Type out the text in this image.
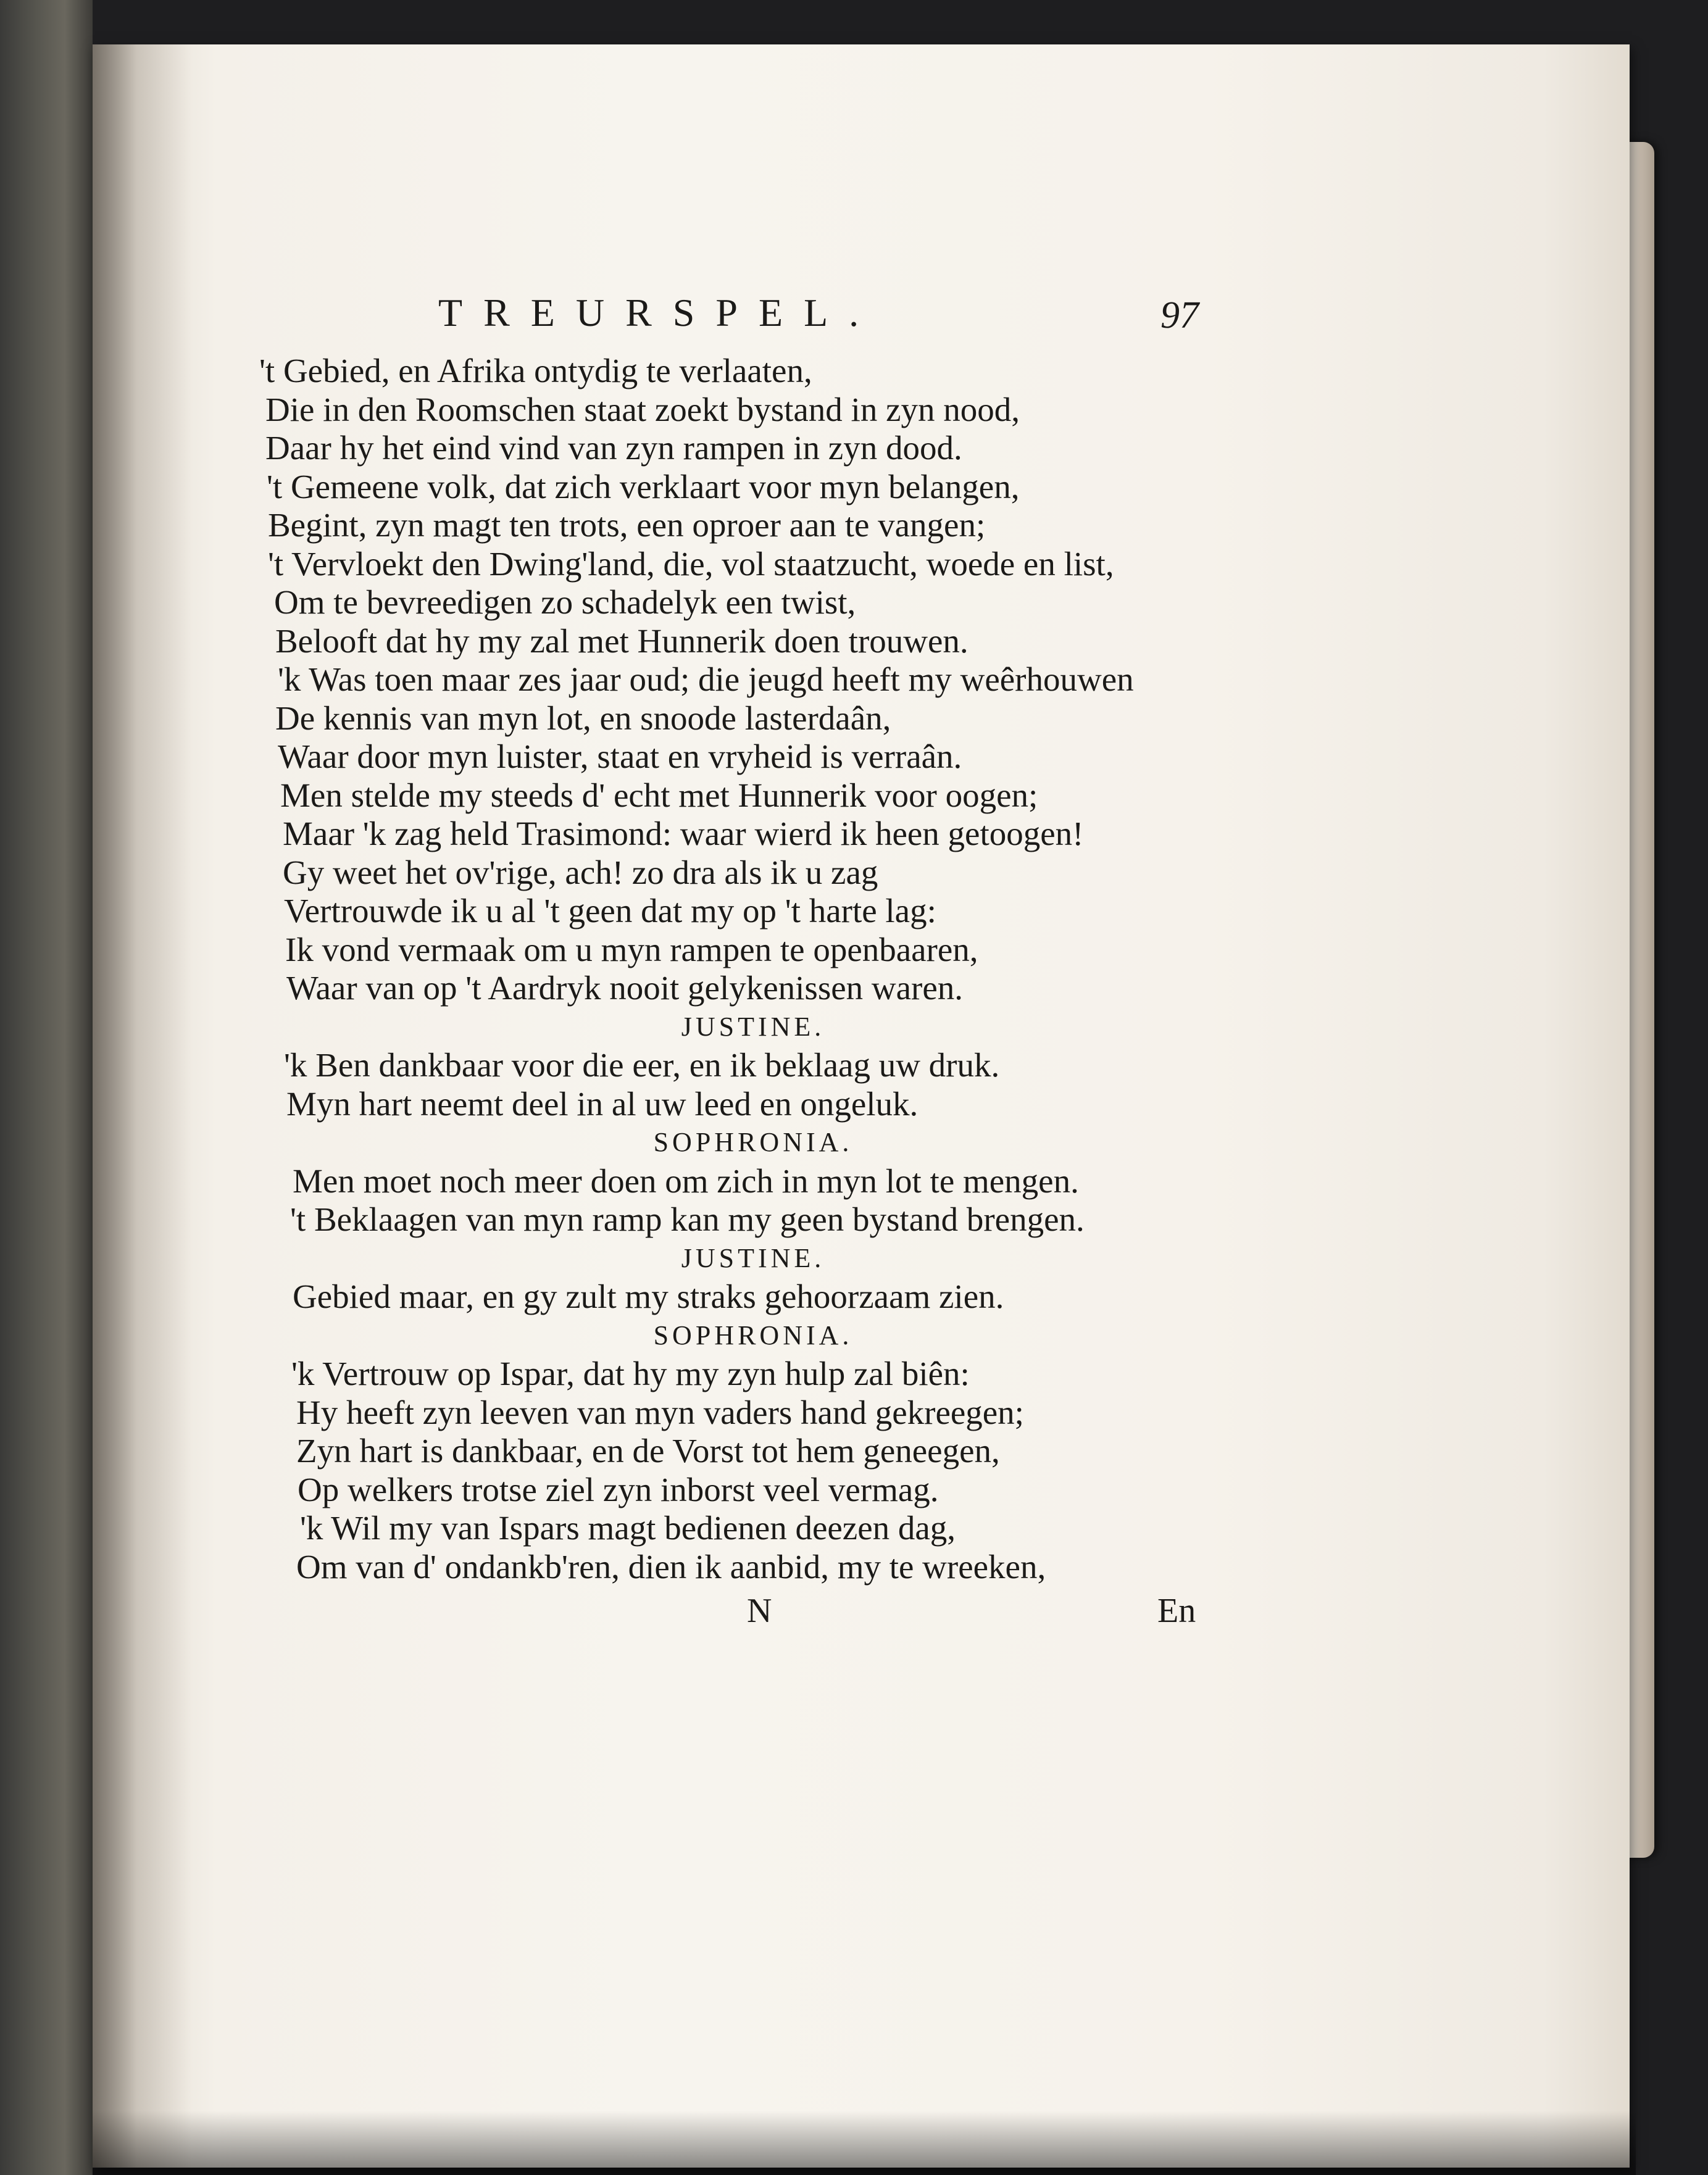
TREURSPEL.	97
't Gebied, en Afrika ontydig te verlaaten,
Die in den Roomschen staat zoekt bystand in zyn nood,
Daar hy het eind vind van zyn rampen in zyn dood.
't Gemeene volk, dat zich verklaart voor myn belangen,
Begint, zyn magt ten trots, een oproer aan te vangen;
't Vervloekt den Dwing'land, die, vol staatzucht, woede en list,
Om te bevreedigen zo schadelyk een twist,
Belooft dat hy my zal met Hunnerik doen trouwen.
'k Was toen maar zes jaar oud; die jeugd heeft my weêrhouwen
De kennis van myn lot, en snoode lasterdaân,
Waar door myn luister, staat en vryheid is verraân.
Men stelde my steeds d' echt met Hunnerik voor oogen;
Maar 'k zag held Trasimond: waar wierd ik heen getoogen!
Gy weet het ov'rige, ach! zo dra als ik u zag
Vertrouwde ik u al 't geen dat my op 't harte lag:
Ik vond vermaak om u myn rampen te openbaaren,
Waar van op 't Aardryk nooit gelykenissen waren.
JUSTINE.
'k Ben dankbaar voor die eer, en ik beklaag uw druk.
Myn hart neemt deel in al uw leed en ongeluk.
SOPHRONIA.
Men moet noch meer doen om zich in myn lot te mengen.
't Beklaagen van myn ramp kan my geen bystand brengen.
JUSTINE.
Gebied maar, en gy zult my straks gehoorzaam zien.
SOPHRONIA.
'k Vertrouw op Ispar, dat hy my zyn hulp zal biên:
Hy heeft zyn leeven van myn vaders hand gekreegen;
Zyn hart is dankbaar, en de Vorst tot hem geneegen,
Op welkers trotse ziel zyn inborst veel vermag.
'k Wil my van Ispars magt bedienen deezen dag,
Om van d' ondankb'ren, dien ik aanbid, my te wreeken,
N	En
